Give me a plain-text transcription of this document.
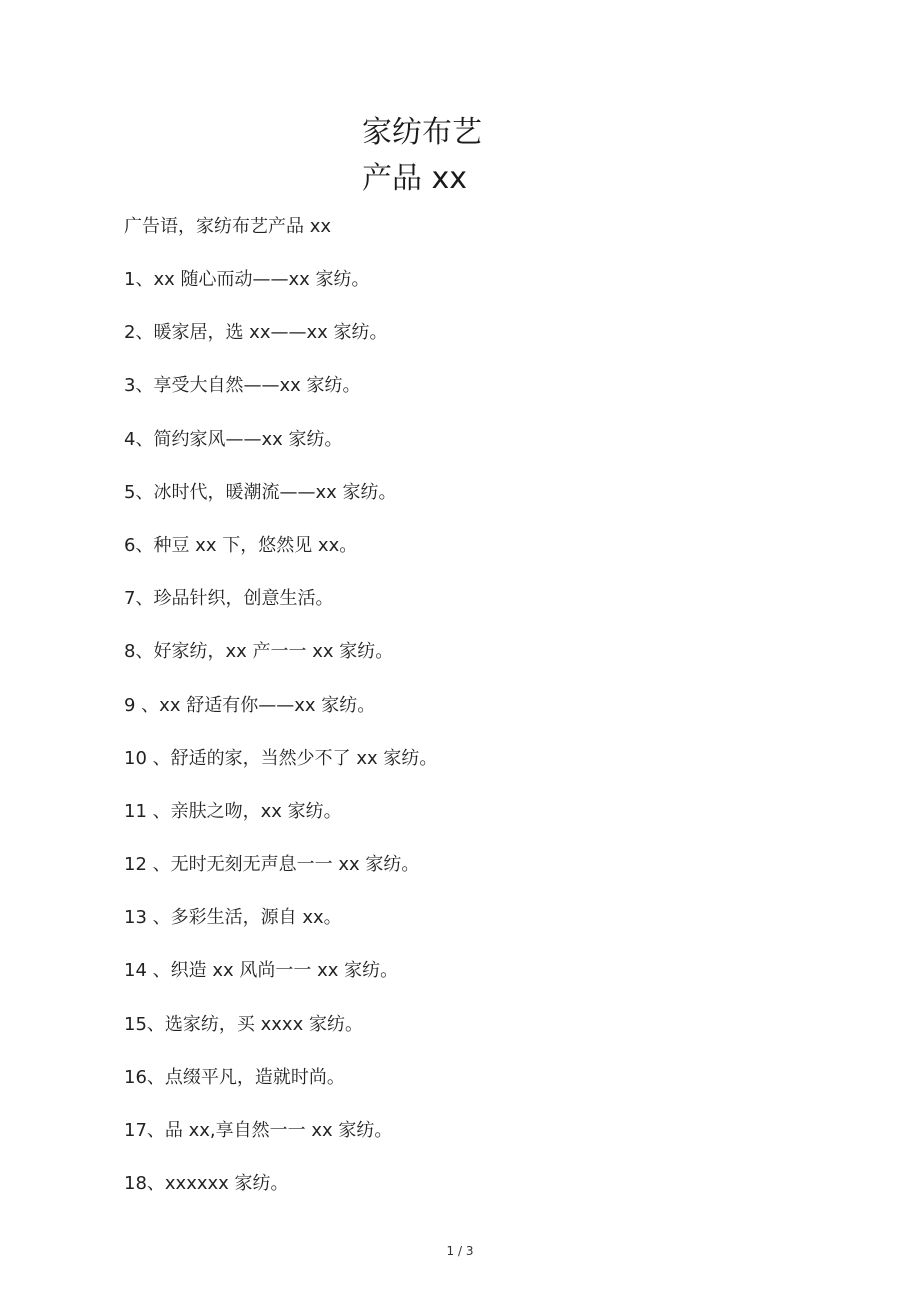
家纺布艺
产品 xx
广告语，家纺布艺产品 xx
1、xx 随心而动——xx 家纺。
2、暖家居，选 xx——xx 家纺。
3、享受大自然——xx 家纺。
4、简约家风——xx 家纺。
5、冰时代，暖潮流——xx 家纺。
6、种豆 xx 下，悠然见 xx。
7、珍品针织，创意生活。
8、好家纺，xx 产一一 xx 家纺。
9 、xx 舒适有你——xx 家纺。
10 、舒适的家，当然少不了 xx 家纺。
11 、亲肤之吻，xx 家纺。
12 、无时无刻无声息一一 xx 家纺。
13 、多彩生活，源自 xx。
14 、织造 xx 风尚一一 xx 家纺。
15、选家纺，买 xxxx 家纺。
16、点缀平凡，造就时尚。
17、品 xx,享自然一一 xx 家纺。
18、xxxxxx 家纺。
1 / 3
